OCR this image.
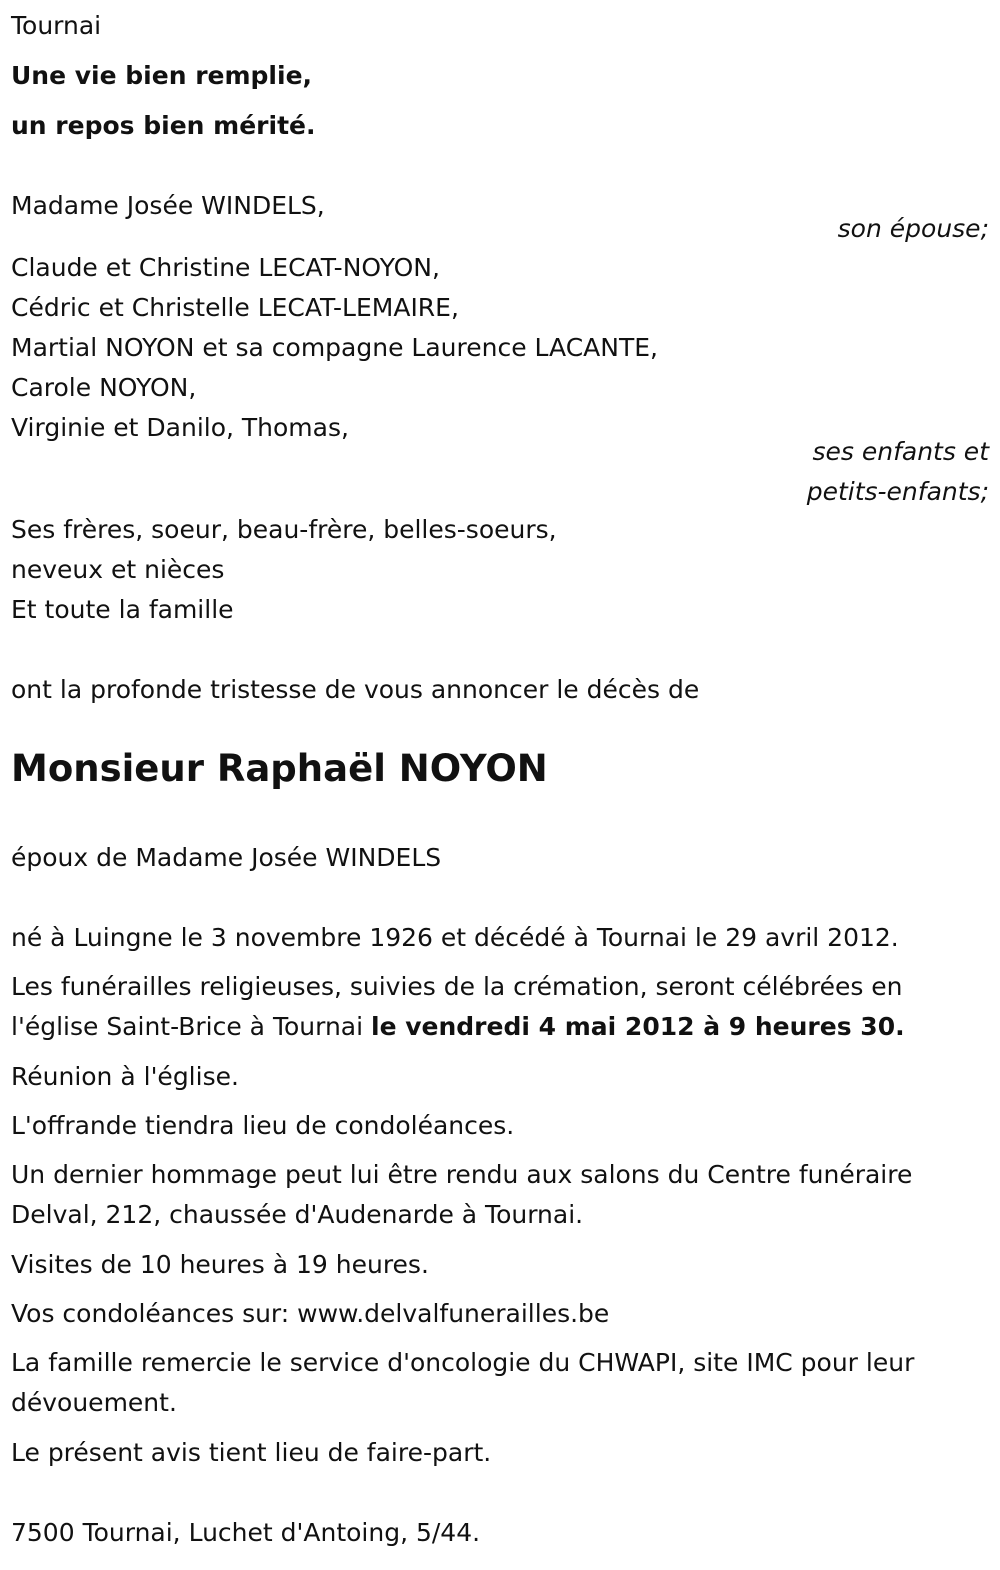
Tournai
Une vie bien remplie,
un repos bien mérité.
Madame Josée WINDELS,
son épouse;
Claude et Christine LECAT-NOYON,
Cédric et Christelle LECAT-LEMAIRE,
Martial NOYON et sa compagne Laurence LACANTE,
Carole NOYON,
Virginie et Danilo, Thomas,
ses enfants et
petits-enfants;
Ses frères, soeur, beau-frère, belles-soeurs,
neveux et nièces
Et toute la famille
ont la profonde tristesse de vous annoncer le décès de
Monsieur Raphaël NOYON
époux de Madame Josée WINDELS
né à Luingne le 3 novembre 1926 et décédé à Tournai le 29 avril 2012.
Les funérailles religieuses, suivies de la crémation, seront célébrées en
l'église Saint-Brice à Tournai le vendredi 4 mai 2012 à 9 heures 30.
Réunion à l'église.
L'offrande tiendra lieu de condoléances.
Un dernier hommage peut lui être rendu aux salons du Centre funéraire
Delval, 212, chaussée d'Audenarde à Tournai.
Visites de 10 heures à 19 heures.
Vos condoléances sur: www.delvalfunerailles.be
La famille remercie le service d'oncologie du CHWAPI, site IMC pour leur
dévouement.
Le présent avis tient lieu de faire-part.
7500 Tournai, Luchet d'Antoing, 5/44.
